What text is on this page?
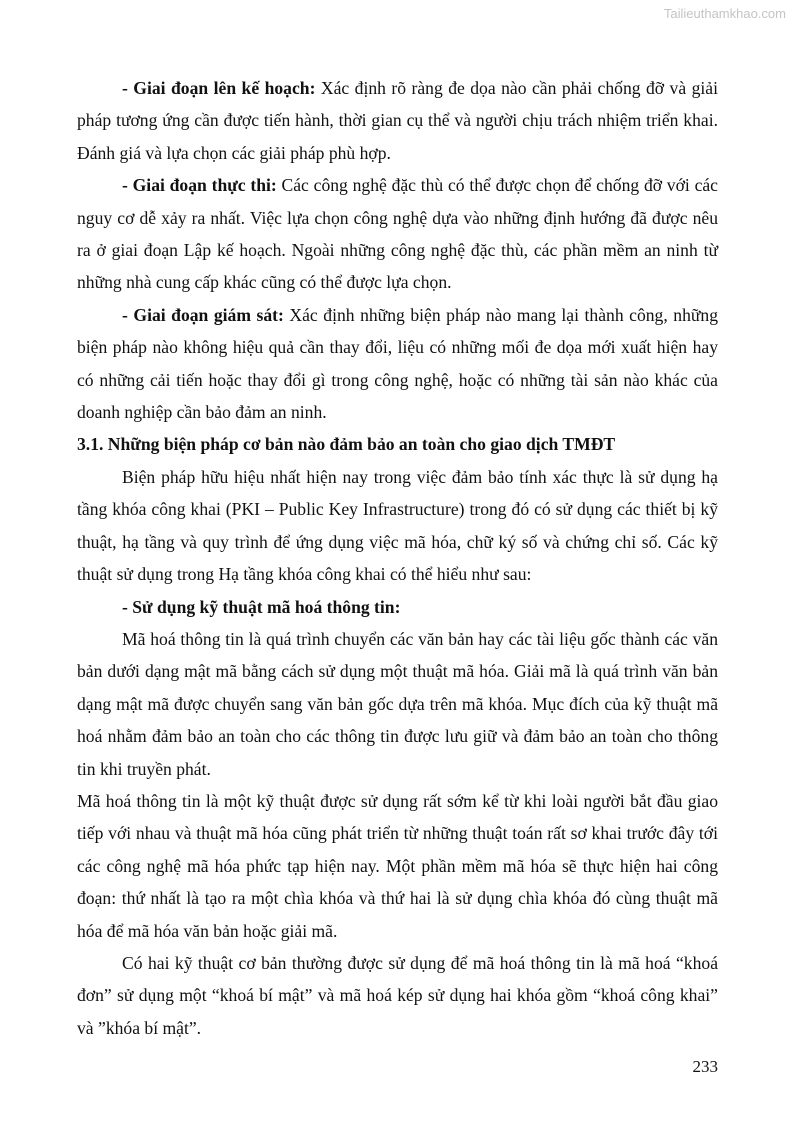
Tailieuthamkhao.com

- Giai đoạn lên kế hoạch: Xác định rõ ràng đe dọa nào cần phải chống đỡ và giải pháp tương ứng cần được tiến hành, thời gian cụ thể và người chịu trách nhiệm triển khai. Đánh giá và lựa chọn các giải pháp phù hợp.

- Giai đoạn thực thi: Các công nghệ đặc thù có thể được chọn để chống đỡ với các nguy cơ dễ xảy ra nhất. Việc lựa chọn công nghệ dựa vào những định hướng đã được nêu ra ở giai đoạn Lập kế hoạch. Ngoài những công nghệ đặc thù, các phần mềm an ninh từ những nhà cung cấp khác cũng có thể được lựa chọn.

- Giai đoạn giám sát: Xác định những biện pháp nào mang lại thành công, những biện pháp nào không hiệu quả cần thay đổi, liệu có những mối đe dọa mới xuất hiện hay có những cải tiến hoặc thay đổi gì trong công nghệ, hoặc có những tài sản nào khác của doanh nghiệp cần bảo đảm an ninh.

3.1. Những biện pháp cơ bản nào đảm bảo an toàn cho giao dịch TMĐT

Biện pháp hữu hiệu nhất hiện nay trong việc đảm bảo tính xác thực là sử dụng hạ tầng khóa công khai (PKI – Public Key Infrastructure) trong đó có sử dụng các thiết bị kỹ thuật, hạ tầng và quy trình để ứng dụng việc mã hóa, chữ ký số và chứng chỉ số. Các kỹ thuật sử dụng trong Hạ tầng khóa công khai có thể hiểu như sau:

- Sử dụng kỹ thuật mã hoá thông tin:

Mã hoá thông tin là quá trình chuyển các văn bản hay các tài liệu gốc thành các văn bản dưới dạng mật mã bằng cách sử dụng một thuật mã hóa. Giải mã là quá trình văn bản dạng mật mã được chuyển sang văn bản gốc dựa trên mã khóa. Mục đích của kỹ thuật mã hoá nhằm đảm bảo an toàn cho các thông tin được lưu giữ và đảm bảo an toàn cho thông tin khi truyền phát.

Mã hoá thông tin là một kỹ thuật được sử dụng rất sớm kể từ khi loài người bắt đầu giao tiếp với nhau và thuật mã hóa cũng phát triển từ những thuật toán rất sơ khai trước đây tới các công nghệ mã hóa phức tạp hiện nay. Một phần mềm mã hóa sẽ thực hiện hai công đoạn: thứ nhất là tạo ra một chìa khóa và thứ hai là sử dụng chìa khóa đó cùng thuật mã hóa để mã hóa văn bản hoặc giải mã.

Có hai kỹ thuật cơ bản thường được sử dụng để mã hoá thông tin là mã hoá “khoá đơn” sử dụng một “khoá bí mật” và mã hoá kép sử dụng hai khóa gồm “khoá công khai” và ”khóa bí mật”.

233
